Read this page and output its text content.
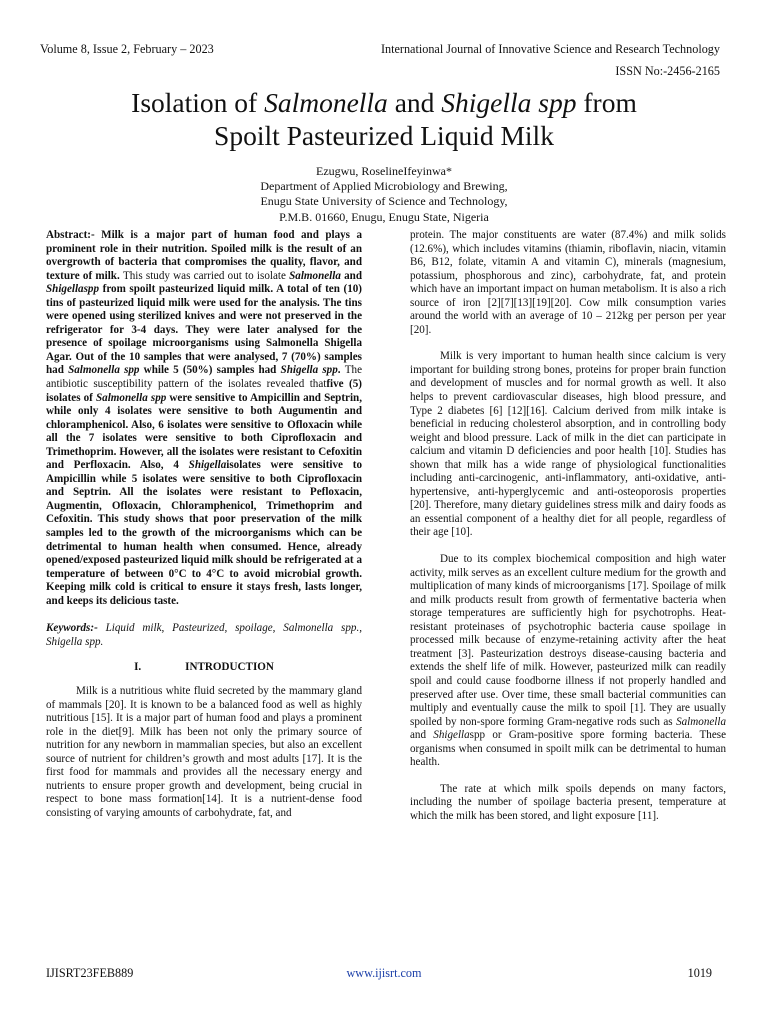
Volume 8, Issue 2, February – 2023	International Journal of Innovative Science and Research Technology
ISSN No:-2456-2165
Isolation of Salmonella and Shigella spp from
Spoilt Pasteurized Liquid Milk
Ezugwu, RoselineIfeyinwa*
Department of Applied Microbiology and Brewing,
Enugu State University of Science and Technology,
P.M.B. 01660, Enugu, Enugu State, Nigeria

Abstract:- Milk is a major part of human food and plays a prominent role in their nutrition. Spoiled milk is the result of an overgrowth of bacteria that compromises the quality, flavor, and texture of milk. This study was carried out to isolate Salmonella and Shigellaspp from spoilt pasteurized liquid milk. A total of ten (10) tins of pasteurized liquid milk were used for the analysis. The tins were opened using sterilized knives and were not preserved in the refrigerator for 3-4 days. They were later analysed for the presence of spoilage microorganisms using Salmonella Shigella Agar. Out of the 10 samples that were analysed, 7 (70%) samples had Salmonella spp while 5 (50%) samples had Shigella spp. The antibiotic susceptibility pattern of the isolates revealed thatfive (5) isolates of Salmonella spp were sensitive to Ampicillin and Septrin, while only 4 isolates were sensitive to both Augumentin and chloramphenicol. Also, 6 isolates were sensitive to Ofloxacin while all the 7 isolates were sensitive to both Ciprofloxacin and Trimethoprim. However, all the isolates were resistant to Cefoxitin and Perfloxacin. Also, 4 Shigellaisolates were sensitive to Ampicillin while 5 isolates were sensitive to both Ciprofloxacin and Septrin. All the isolates were resistant to Pefloxacin, Augmentin, Ofloxacin, Chloramphenicol, Trimethoprim and Cefoxitin. This study shows that poor preservation of the milk samples led to the growth of the microorganisms which can be detrimental to human health when consumed. Hence, already opened/exposed pasteurized liquid milk should be refrigerated at a temperature of between 0°C to 4°C to avoid microbial growth. Keeping milk cold is critical to ensure it stays fresh, lasts longer, and keeps its delicious taste.

Keywords:- Liquid milk, Pasteurized, spoilage, Salmonella spp., Shigella spp.

I.	INTRODUCTION

Milk is a nutritious white fluid secreted by the mammary gland of mammals [20]. It is known to be a balanced food as well as highly nutritious [15]. It is a major part of human food and plays a prominent role in the diet[9]. Milk has been not only the primary source of nutrition for any newborn in mammalian species, but also an excellent source of nutrient for children’s growth and most adults [17]. It is the first food for mammals and provides all the necessary energy and nutrients to ensure proper growth and development, being crucial in respect to bone mass formation[14]. It is a nutrient-dense food consisting of varying amounts of carbohydrate, fat, and

protein. The major constituents are water (87.4%) and milk solids (12.6%), which includes vitamins (thiamin, riboflavin, niacin, vitamin B6, B12, folate, vitamin A and vitamin C), minerals (magnesium, potassium, phosphorous and zinc), carbohydrate, fat, and protein which have an important impact on human metabolism. It is also a rich source of iron [2][7][13][19][20]. Cow milk consumption varies around the world with an average of 10 – 212kg per person per year [20].

Milk is very important to human health since calcium is very important for building strong bones, proteins for proper brain function and development of muscles and for normal growth as well. It also helps to prevent cardiovascular diseases, high blood pressure, and Type 2 diabetes [6] [12][16]. Calcium derived from milk intake is beneficial in reducing cholesterol absorption, and in controlling body weight and blood pressure. Lack of milk in the diet can participate in calcium and vitamin D deficiencies and poor health [10]. Studies has shown that milk has a wide range of physiological functionalities including anti-carcinogenic, anti-inflammatory, anti-oxidative, anti-hypertensive, anti-hyperglycemic and anti-osteoporosis properties [20]. Therefore, many dietary guidelines stress milk and dairy foods as an essential component of a healthy diet for all people, regardless of their age [10].

Due to its complex biochemical composition and high water activity, milk serves as an excellent culture medium for the growth and multiplication of many kinds of microorganisms [17]. Spoilage of milk and milk products result from growth of fermentative bacteria when storage temperatures are sufficiently high for psychotrophs. Heat-resistant proteinases of psychotrophic bacteria cause spoilage in processed milk because of enzyme-retaining activity after the heat treatment [3]. Pasteurization destroys disease-causing bacteria and extends the shelf life of milk. However, pasteurized milk can readily spoil and could cause foodborne illness if not properly handled and preserved after use. Over time, these small bacterial communities can multiply and eventually cause the milk to spoil [1]. They are usually spoiled by non-spore forming Gram-negative rods such as Salmonella and Shigellaspp or Gram-positive spore forming bacteria. These organisms when consumed in spoilt milk can be detrimental to human health.

The rate at which milk spoils depends on many factors, including the number of spoilage bacteria present, temperature at which the milk has been stored, and light exposure [11].

IJISRT23FEB889	www.ijisrt.com	1019
